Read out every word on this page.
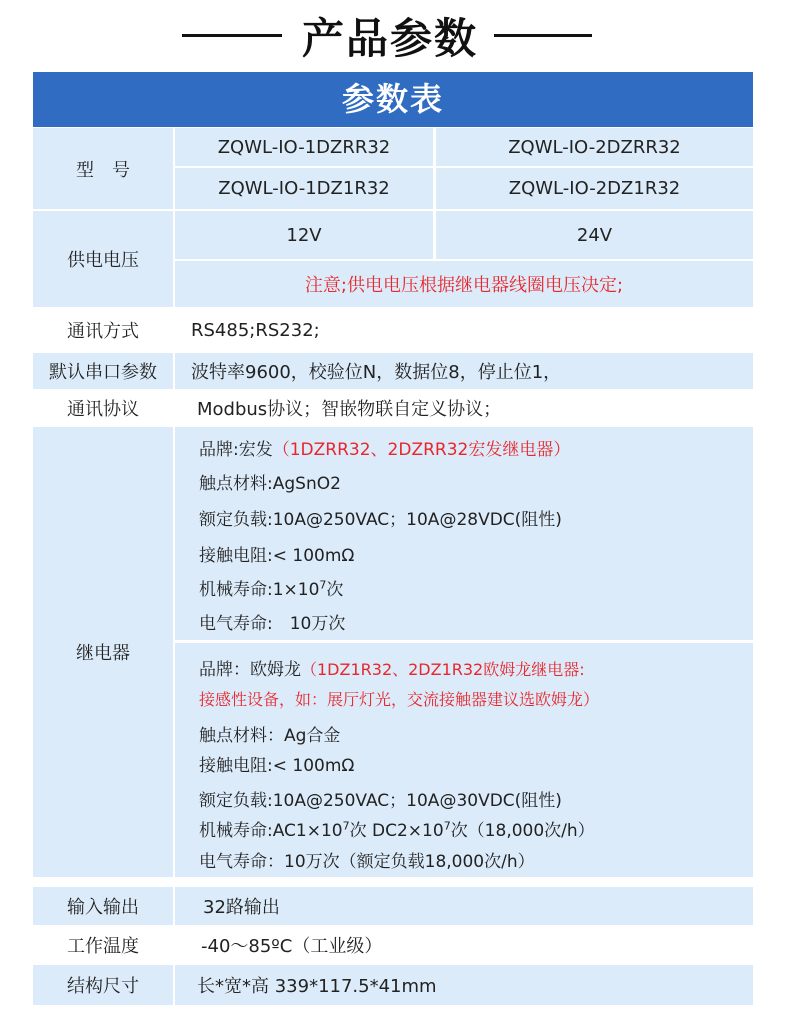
产品参数
参数表
型　号
ZQWL-IO-1DZRR32	ZQWL-IO-2DZRR32
ZQWL-IO-1DZ1R32	ZQWL-IO-2DZ1R32
供电电压
12V	24V
注意;供电电压根据继电器线圈电压决定;
通讯方式	RS485;RS232;
默认串口参数	波特率9600，校验位N，数据位8，停止位1，
通讯协议	Modbus协议；智嵌物联自定义协议；
继电器
品牌:宏发（1DZRR32、2DZRR32宏发继电器）
触点材料:AgSnO2
额定负载:10A@250VAC；10A@28VDC(阻性)
接触电阻:< 100mΩ
机械寿命$:1\times 10^7$次
电气寿命:　10万次
品牌：欧姆龙（1DZ1R32、2DZ1R32欧姆龙继电器:
接感性设备，如：展厅灯光，交流接触器建议选欧姆龙）
触点材料：Ag合金
接触电阻:< 100mΩ
额定负载:10A@250VAC；10A@30VDC(阻性)
机械寿命$:AC1\times 10^7$次 $DC2\times 10^7$次（18,000次/h）
电气寿命：10万次（额定负载18,000次/h）
输入输出	32路输出
工作温度	-40～85ºC（工业级）
结构尺寸	长*宽*高 339*117.5*41mm
